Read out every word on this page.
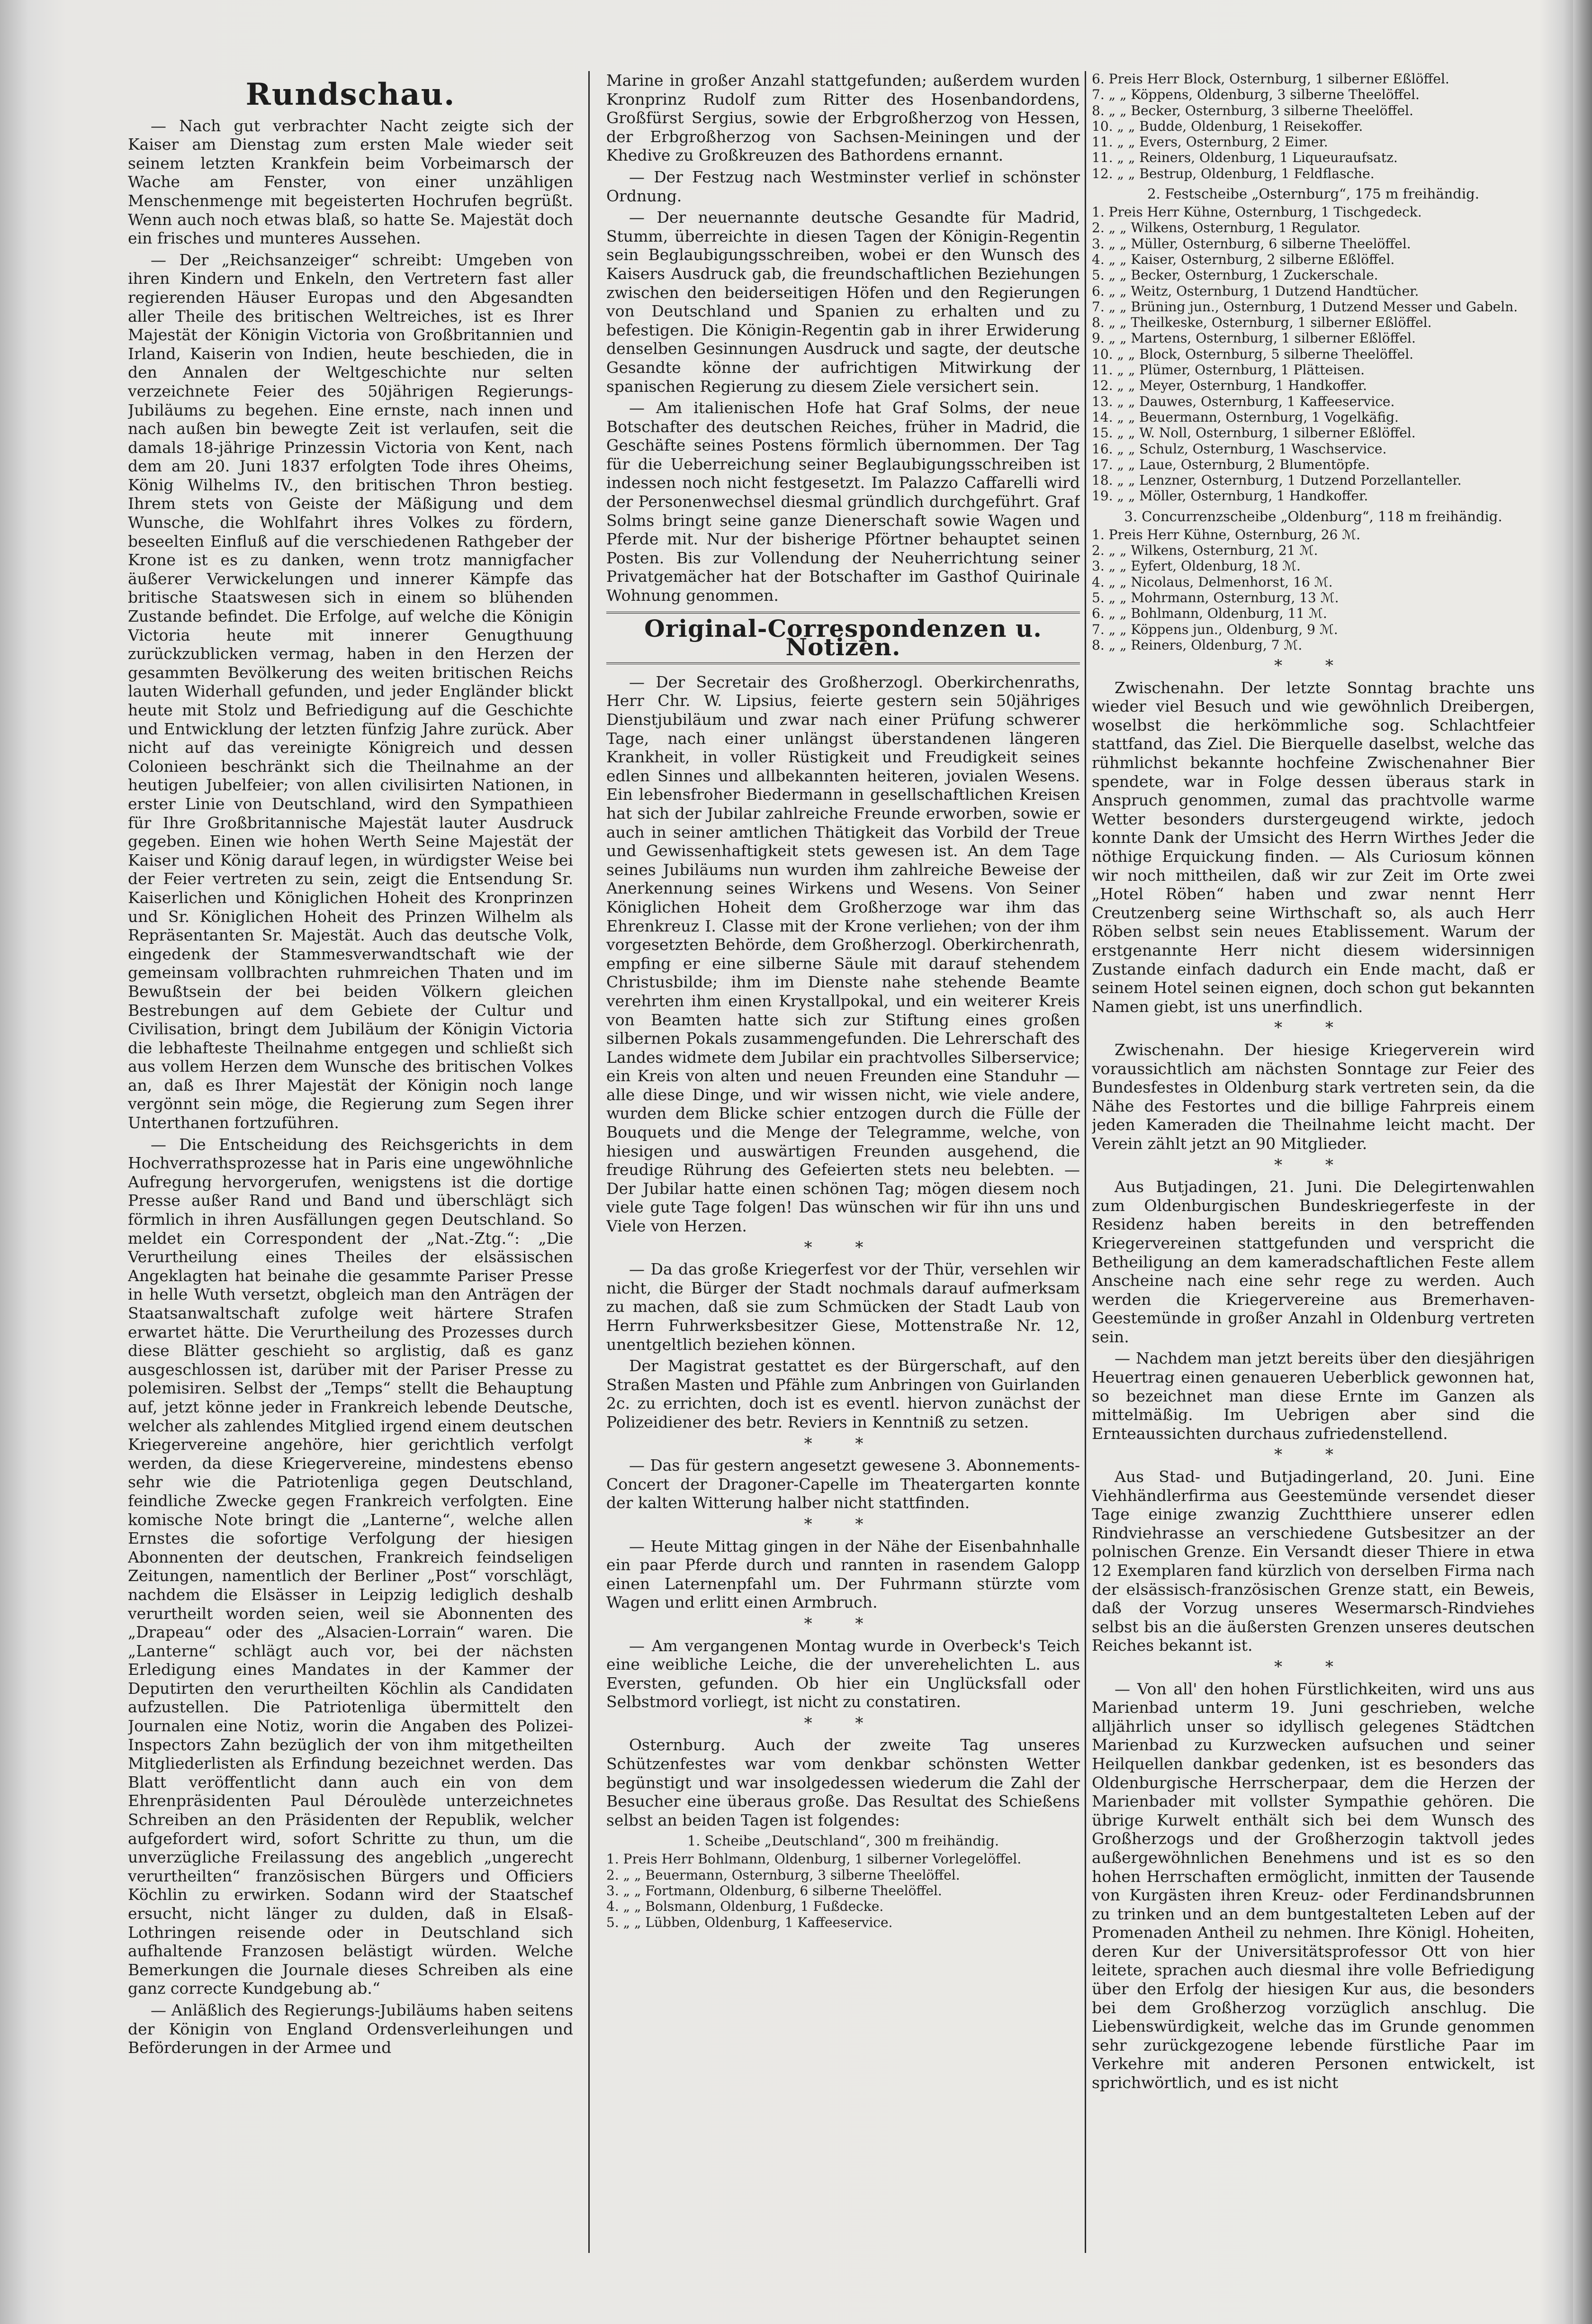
Rundschau.

— Nach gut verbrachter Nacht zeigte sich der Kaiser am Dienstag zum ersten Male wieder seit seinem letzten Krankfein beim Vorbeimarsch der Wache am Fenster, von einer unzähligen Menschenmenge mit begeisterten Hochrufen begrüßt. Wenn auch noch etwas blaß, so hatte Se. Majestät doch ein frisches und munteres Aussehen.

— Der „Reichsanzeiger“ schreibt: Umgeben von ihren Kindern und Enkeln, den Vertretern fast aller regierenden Häuser Europas und den Abgesandten aller Theile des britischen Weltreiches, ist es Ihrer Majestät der Königin Victoria von Großbritannien und Irland, Kaiserin von Indien, heute beschieden, die in den Annalen der Weltgeschichte nur selten verzeichnete Feier des 50jährigen Regierungs-Jubiläums zu begehen. Eine ernste, nach innen und nach außen bin bewegte Zeit ist verlaufen, seit die damals 18-jährige Prinzessin Victoria von Kent, nach dem am 20. Juni 1837 erfolgten Tode ihres Oheims, König Wilhelms IV., den britischen Thron bestieg. Ihrem stets von Geiste der Mäßigung und dem Wunsche, die Wohlfahrt ihres Volkes zu fördern, beseelten Einfluß auf die verschiedenen Rathgeber der Krone ist es zu danken, wenn trotz mannigfacher äußerer Verwickelungen und innerer Kämpfe das britische Staatswesen sich in einem so blühenden Zustande befindet. Die Erfolge, auf welche die Königin Victoria heute mit innerer Genugthuung zurückzublicken vermag, haben in den Herzen der gesammten Bevölkerung des weiten britischen Reichs lauten Widerhall gefunden, und jeder Engländer blickt heute mit Stolz und Befriedigung auf die Geschichte und Entwicklung der letzten fünfzig Jahre zurück. Aber nicht auf das vereinigte Königreich und dessen Colonieen beschränkt sich die Theilnahme an der heutigen Jubelfeier; von allen civilisirten Nationen, in erster Linie von Deutschland, wird den Sympathieen für Ihre Großbritannische Majestät lauter Ausdruck gegeben. Einen wie hohen Werth Seine Majestät der Kaiser und König darauf legen, in würdigster Weise bei der Feier vertreten zu sein, zeigt die Entsendung Sr. Kaiserlichen und Königlichen Hoheit des Kronprinzen und Sr. Königlichen Hoheit des Prinzen Wilhelm als Repräsentanten Sr. Majestät. Auch das deutsche Volk, eingedenk der Stammesverwandtschaft wie der gemeinsam vollbrachten ruhmreichen Thaten und im Bewußtsein der bei beiden Völkern gleichen Bestrebungen auf dem Gebiete der Cultur und Civilisation, bringt dem Jubiläum der Königin Victoria die lebhafteste Theilnahme entgegen und schließt sich aus vollem Herzen dem Wunsche des britischen Volkes an, daß es Ihrer Majestät der Königin noch lange vergönnt sein möge, die Regierung zum Segen ihrer Unterthanen fortzuführen.

— Die Entscheidung des Reichsgerichts in dem Hochverrathsprozesse hat in Paris eine ungewöhnliche Aufregung hervorgerufen, wenigstens ist die dortige Presse außer Rand und Band und überschlägt sich förmlich in ihren Ausfällungen gegen Deutschland. So meldet ein Correspondent der „Nat.-Ztg.“: „Die Verurtheilung eines Theiles der elsässischen Angeklagten hat beinahe die gesammte Pariser Presse in helle Wuth versetzt, obgleich man den Anträgen der Staatsanwaltschaft zufolge weit härtere Strafen erwartet hätte. Die Verurtheilung des Prozesses durch diese Blätter geschieht so arglistig, daß es ganz ausgeschlossen ist, darüber mit der Pariser Presse zu polemisiren. Selbst der „Temps“ stellt die Behauptung auf, jetzt könne jeder in Frankreich lebende Deutsche, welcher als zahlendes Mitglied irgend einem deutschen Kriegervereine angehöre, hier gerichtlich verfolgt werden, da diese Kriegervereine, mindestens ebenso sehr wie die Patriotenliga gegen Deutschland, feindliche Zwecke gegen Frankreich verfolgten. Eine komische Note bringt die „Lanterne“, welche allen Ernstes die sofortige Verfolgung der hiesigen Abonnenten der deutschen, Frankreich feindseligen Zeitungen, namentlich der Berliner „Post“ vorschlägt, nachdem die Elsässer in Leipzig lediglich deshalb verurtheilt worden seien, weil sie Abonnenten des „Drapeau“ oder des „Alsacien-Lorrain“ waren. Die „Lanterne“ schlägt auch vor, bei der nächsten Erledigung eines Mandates in der Kammer der Deputirten den verurtheilten Köchlin als Candidaten aufzustellen. Die Patriotenliga übermittelt den Journalen eine Notiz, worin die Angaben des Polizei-Inspectors Zahn bezüglich der von ihm mitgetheilten Mitgliederlisten als Erfindung bezeichnet werden. Das Blatt veröffentlicht dann auch ein von dem Ehrenpräsidenten Paul Déroulède unterzeichnetes Schreiben an den Präsidenten der Republik, welcher aufgefordert wird, sofort Schritte zu thun, um die unverzügliche Freilassung des angeblich „ungerecht verurtheilten“ französischen Bürgers und Officiers Köchlin zu erwirken. Sodann wird der Staatschef ersucht, nicht länger zu dulden, daß in Elsaß-Lothringen reisende oder in Deutschland sich aufhaltende Franzosen belästigt würden. Welche Bemerkungen die Journale dieses Schreiben als eine ganz correcte Kundgebung ab.“

— Anläßlich des Regierungs-Jubiläums haben seitens der Königin von England Ordensverleihungen und Beförderungen in der Armee und

Marine in großer Anzahl stattgefunden; außerdem wurden Kronprinz Rudolf zum Ritter des Hosenbandordens, Großfürst Sergius, sowie der Erbgroßherzog von Hessen, der Erbgroßherzog von Sachsen-Meiningen und der Khedive zu Großkreuzen des Bathordens ernannt.

— Der Festzug nach Westminster verlief in schönster Ordnung.

— Der neuernannte deutsche Gesandte für Madrid, Stumm, überreichte in diesen Tagen der Königin-Regentin sein Beglaubigungsschreiben, wobei er den Wunsch des Kaisers Ausdruck gab, die freundschaftlichen Beziehungen zwischen den beiderseitigen Höfen und den Regierungen von Deutschland und Spanien zu erhalten und zu befestigen. Die Königin-Regentin gab in ihrer Erwiderung denselben Gesinnungen Ausdruck und sagte, der deutsche Gesandte könne der aufrichtigen Mitwirkung der spanischen Regierung zu diesem Ziele versichert sein.

— Am italienischen Hofe hat Graf Solms, der neue Botschafter des deutschen Reiches, früher in Madrid, die Geschäfte seines Postens förmlich übernommen. Der Tag für die Ueberreichung seiner Beglaubigungsschreiben ist indessen noch nicht festgesetzt. Im Palazzo Caffarelli wird der Personenwechsel diesmal gründlich durchgeführt. Graf Solms bringt seine ganze Dienerschaft sowie Wagen und Pferde mit. Nur der bisherige Pförtner behauptet seinen Posten. Bis zur Vollendung der Neuherrichtung seiner Privatgemächer hat der Botschafter im Gasthof Quirinale Wohnung genommen.

Original-Correspondenzen u. Notizen.

— Der Secretair des Großherzogl. Oberkirchenraths, Herr Chr. W. Lipsius, feierte gestern sein 50jähriges Dienstjubiläum und zwar nach einer Prüfung schwerer Tage, nach einer unlängst überstandenen längeren Krankheit, in voller Rüstigkeit und Freudigkeit seines edlen Sinnes und allbekannten heiteren, jovialen Wesens. Ein lebensfroher Biedermann in gesellschaftlichen Kreisen hat sich der Jubilar zahlreiche Freunde erworben, sowie er auch in seiner amtlichen Thätigkeit das Vorbild der Treue und Gewissenhaftigkeit stets gewesen ist. An dem Tage seines Jubiläums nun wurden ihm zahlreiche Beweise der Anerkennung seines Wirkens und Wesens. Von Seiner Königlichen Hoheit dem Großherzoge war ihm das Ehrenkreuz I. Classe mit der Krone verliehen; von der ihm vorgesetzten Behörde, dem Großherzogl. Oberkirchenrath, empfing er eine silberne Säule mit darauf stehendem Christusbilde; ihm im Dienste nahe stehende Beamte verehrten ihm einen Krystallpokal, und ein weiterer Kreis von Beamten hatte sich zur Stiftung eines großen silbernen Pokals zusammengefunden. Die Lehrerschaft des Landes widmete dem Jubilar ein prachtvolles Silberservice; ein Kreis von alten und neuen Freunden eine Standuhr — alle diese Dinge, und wir wissen nicht, wie viele andere, wurden dem Blicke schier entzogen durch die Fülle der Bouquets und die Menge der Telegramme, welche, von hiesigen und auswärtigen Freunden ausgehend, die freudige Rührung des Gefeierten stets neu belebten. — Der Jubilar hatte einen schönen Tag; mögen diesem noch viele gute Tage folgen! Das wünschen wir für ihn uns und Viele von Herzen.

* *

— Da das große Kriegerfest vor der Thür, versehlen wir nicht, die Bürger der Stadt nochmals darauf aufmerksam zu machen, daß sie zum Schmücken der Stadt Laub von Herrn Fuhrwerksbesitzer Giese, Mottenstraße Nr. 12, unentgeltlich beziehen können.

Der Magistrat gestattet es der Bürgerschaft, auf den Straßen Masten und Pfähle zum Anbringen von Guirlanden 2c. zu errichten, doch ist es eventl. hiervon zunächst der Polizeidiener des betr. Reviers in Kenntniß zu setzen.

* *

— Das für gestern angesetzt gewesene 3. Abonnements-Concert der Dragoner-Capelle im Theatergarten konnte der kalten Witterung halber nicht stattfinden.

* *

— Heute Mittag gingen in der Nähe der Eisenbahnhalle ein paar Pferde durch und rannten in rasendem Galopp einen Laternenpfahl um. Der Fuhrmann stürzte vom Wagen und erlitt einen Armbruch.

* *

— Am vergangenen Montag wurde in Overbeck's Teich eine weibliche Leiche, die der unverehelichten L. aus Eversten, gefunden. Ob hier ein Unglücksfall oder Selbstmord vorliegt, ist nicht zu constatiren.

* *

Osternburg. Auch der zweite Tag unseres Schützenfestes war vom denkbar schönsten Wetter begünstigt und war insolgedessen wiederum die Zahl der Besucher eine überaus große. Das Resultat des Schießens selbst an beiden Tagen ist folgendes:

1. Scheibe „Deutschland“, 300 m freihändig.
1. Preis Herr Bohlmann, Oldenburg, 1 silberner Vorlegelöffel.
2. „ „ Beuermann, Osternburg, 3 silberne Theelöffel.
3. „ „ Fortmann, Oldenburg, 6 silberne Theelöffel.
4. „ „ Bolsmann, Oldenburg, 1 Fußdecke.
5. „ „ Lübben, Oldenburg, 1 Kaffeeservice.
6. Preis Herr Block, Osternburg, 1 silberner Eßlöffel.
7. „ „ Köppens, Oldenburg, 3 silberne Theelöffel.
8. „ „ Becker, Osternburg, 3 silberne Theelöffel.
10. „ „ Budde, Oldenburg, 1 Reisekoffer.
11. „ „ Evers, Osternburg, 2 Eimer.
11. „ „ Reiners, Oldenburg, 1 Liqueuraufsatz.
12. „ „ Bestrup, Oldenburg, 1 Feldflasche.
2. Festscheibe „Osternburg“, 175 m freihändig.
1. Preis Herr Kühne, Osternburg, 1 Tischgedeck.
2. „ „ Wilkens, Osternburg, 1 Regulator.
3. „ „ Müller, Osternburg, 6 silberne Theelöffel.
4. „ „ Kaiser, Osternburg, 2 silberne Eßlöffel.
5. „ „ Becker, Osternburg, 1 Zuckerschale.
6. „ „ Weitz, Osternburg, 1 Dutzend Handtücher.
7. „ „ Brüning jun., Osternburg, 1 Dutzend Messer und Gabeln.
8. „ „ Theilkeske, Osternburg, 1 silberner Eßlöffel.
9. „ „ Martens, Osternburg, 1 silberner Eßlöffel.
10. „ „ Block, Osternburg, 5 silberne Theelöffel.
11. „ „ Plümer, Osternburg, 1 Plätteisen.
12. „ „ Meyer, Osternburg, 1 Handkoffer.
13. „ „ Dauwes, Osternburg, 1 Kaffeeservice.
14. „ „ Beuermann, Osternburg, 1 Vogelkäfig.
15. „ „ W. Noll, Osternburg, 1 silberner Eßlöffel.
16. „ „ Schulz, Osternburg, 1 Waschservice.
17. „ „ Laue, Osternburg, 2 Blumentöpfe.
18. „ „ Lenzner, Osternburg, 1 Dutzend Porzellanteller.
19. „ „ Möller, Osternburg, 1 Handkoffer.
3. Concurrenzscheibe „Oldenburg“, 118 m freihändig.
1. Preis Herr Kühne, Osternburg, 26 ℳ.
2. „ „ Wilkens, Osternburg, 21 ℳ.
3. „ „ Eyfert, Oldenburg, 18 ℳ.
4. „ „ Nicolaus, Delmenhorst, 16 ℳ.
5. „ „ Mohrmann, Osternburg, 13 ℳ.
6. „ „ Bohlmann, Oldenburg, 11 ℳ.
7. „ „ Köppens jun., Oldenburg, 9 ℳ.
8. „ „ Reiners, Oldenburg, 7 ℳ.
* *

Zwischenahn. Der letzte Sonntag brachte uns wieder viel Besuch und wie gewöhnlich Dreibergen, woselbst die herkömmliche sog. Schlachtfeier stattfand, das Ziel. Die Bierquelle daselbst, welche das rühmlichst bekannte hochfeine Zwischenahner Bier spendete, war in Folge dessen überaus stark in Anspruch genommen, zumal das prachtvolle warme Wetter besonders durstergeugend wirkte, jedoch konnte Dank der Umsicht des Herrn Wirthes Jeder die nöthige Erquickung finden. — Als Curiosum können wir noch mittheilen, daß wir zur Zeit im Orte zwei „Hotel Röben“ haben und zwar nennt Herr Creutzenberg seine Wirthschaft so, als auch Herr Röben selbst sein neues Etablissement. Warum der erstgenannte Herr nicht diesem widersinnigen Zustande einfach dadurch ein Ende macht, daß er seinem Hotel seinen eignen, doch schon gut bekannten Namen giebt, ist uns unerfindlich.

* *

Zwischenahn. Der hiesige Kriegerverein wird voraussichtlich am nächsten Sonntage zur Feier des Bundesfestes in Oldenburg stark vertreten sein, da die Nähe des Festortes und die billige Fahrpreis einem jeden Kameraden die Theilnahme leicht macht. Der Verein zählt jetzt an 90 Mitglieder.

* *

Aus Butjadingen, 21. Juni. Die Delegirtenwahlen zum Oldenburgischen Bundeskriegerfeste in der Residenz haben bereits in den betreffenden Kriegervereinen stattgefunden und verspricht die Betheiligung an dem kameradschaftlichen Feste allem Anscheine nach eine sehr rege zu werden. Auch werden die Kriegervereine aus Bremerhaven-Geestemünde in großer Anzahl in Oldenburg vertreten sein.

— Nachdem man jetzt bereits über den diesjährigen Heuertrag einen genaueren Ueberblick gewonnen hat, so bezeichnet man diese Ernte im Ganzen als mittelmäßig. Im Uebrigen aber sind die Ernteaussichten durchaus zufriedenstellend.

* *

Aus Stad- und Butjadingerland, 20. Juni. Eine Viehhändlerfirma aus Geestemünde versendet dieser Tage einige zwanzig Zuchtthiere unserer edlen Rindviehrasse an verschiedene Gutsbesitzer an der polnischen Grenze. Ein Versandt dieser Thiere in etwa 12 Exemplaren fand kürzlich von derselben Firma nach der elsässisch-französischen Grenze statt, ein Beweis, daß der Vorzug unseres Wesermarsch-Rindviehes selbst bis an die äußersten Grenzen unseres deutschen Reiches bekannt ist.

* *

— Von all' den hohen Fürstlichkeiten, wird uns aus Marienbad unterm 19. Juni geschrieben, welche alljährlich unser so idyllisch gelegenes Städtchen Marienbad zu Kurzwecken aufsuchen und seiner Heilquellen dankbar gedenken, ist es besonders das Oldenburgische Herrscherpaar, dem die Herzen der Marienbader mit vollster Sympathie gehören. Die übrige Kurwelt enthält sich bei dem Wunsch des Großherzogs und der Großherzogin taktvoll jedes außergewöhnlichen Benehmens und ist es so den hohen Herrschaften ermöglicht, inmitten der Tausende von Kurgästen ihren Kreuz- oder Ferdinandsbrunnen zu trinken und an dem buntgestalteten Leben auf der Promenaden Antheil zu nehmen. Ihre Königl. Hoheiten, deren Kur der Universitätsprofessor Ott von hier leitete, sprachen auch diesmal ihre volle Befriedigung über den Erfolg der hiesigen Kur aus, die besonders bei dem Großherzog vorzüglich anschlug. Die Liebenswürdigkeit, welche das im Grunde genommen sehr zurückgezogene lebende fürstliche Paar im Verkehre mit anderen Personen entwickelt, ist sprichwörtlich, und es ist nicht
